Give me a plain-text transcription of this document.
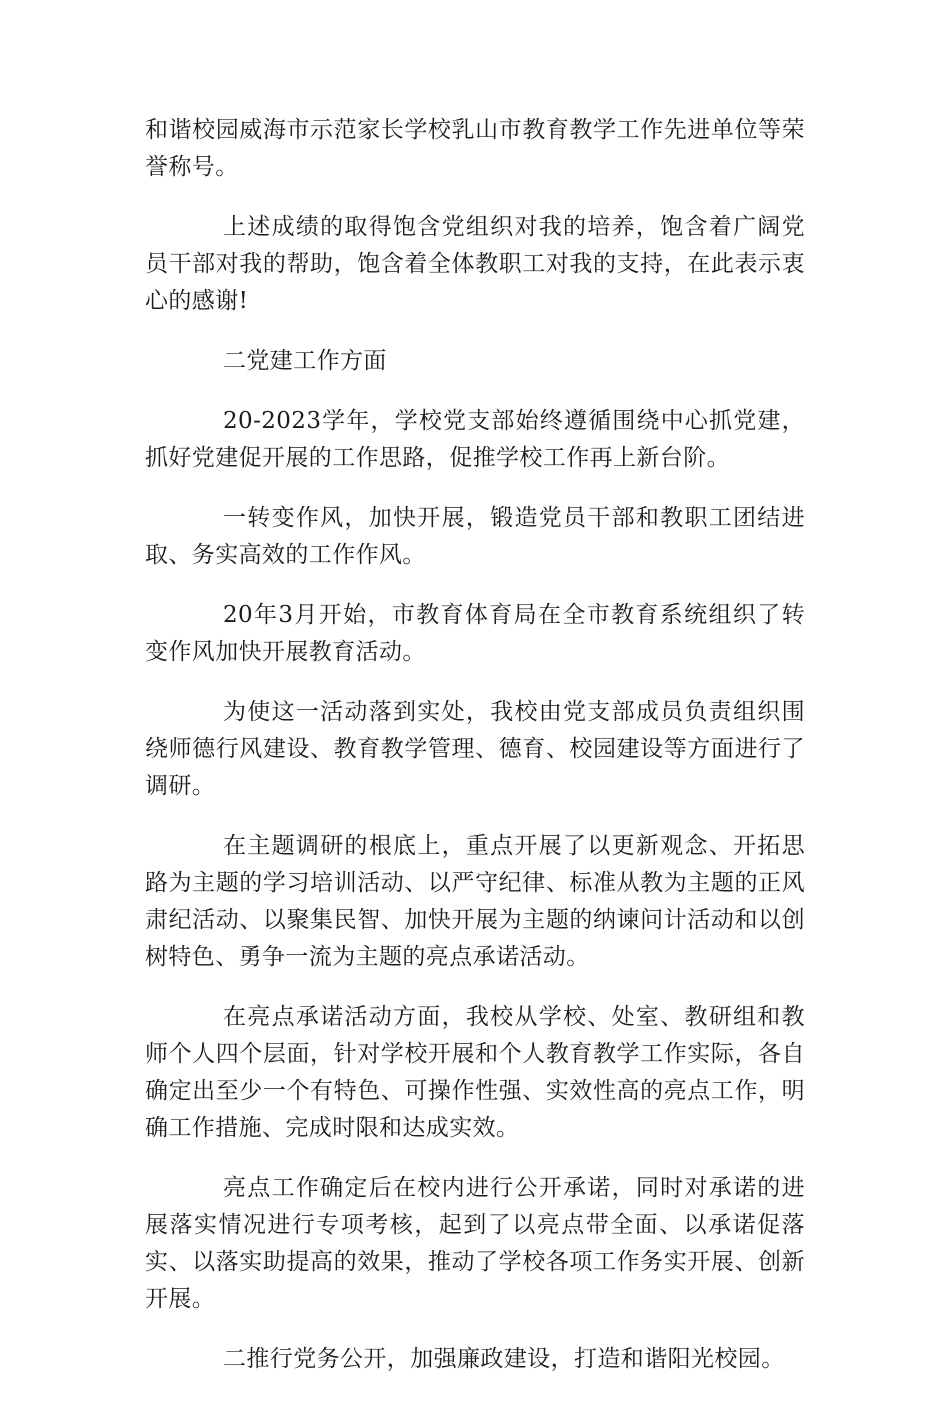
和谐校园威海市示范家长学校乳山市教育教学工作先进单位等荣誉称号。

上述成绩的取得饱含党组织对我的培养，饱含着广阔党员干部对我的帮助，饱含着全体教职工对我的支持，在此表示衷心的感谢!

二党建工作方面

20-2023学年，学校党支部始终遵循围绕中心抓党建，抓好党建促开展的工作思路，促推学校工作再上新台阶。

一转变作风，加快开展，锻造党员干部和教职工团结进取、务实高效的工作作风。

20年3月开始，市教育体育局在全市教育系统组织了转变作风加快开展教育活动。

为使这一活动落到实处，我校由党支部成员负责组织围绕师德行风建设、教育教学管理、德育、校园建设等方面进行了调研。

在主题调研的根底上，重点开展了以更新观念、开拓思路为主题的学习培训活动、以严守纪律、标准从教为主题的正风肃纪活动、以聚集民智、加快开展为主题的纳谏问计活动和以创树特色、勇争一流为主题的亮点承诺活动。

在亮点承诺活动方面，我校从学校、处室、教研组和教师个人四个层面，针对学校开展和个人教育教学工作实际，各自确定出至少一个有特色、可操作性强、实效性高的亮点工作，明确工作措施、完成时限和达成实效。

亮点工作确定后在校内进行公开承诺，同时对承诺的进展落实情况进行专项考核，起到了以亮点带全面、以承诺促落实、以落实助提高的效果，推动了学校各项工作务实开展、创新开展。

二推行党务公开，加强廉政建设，打造和谐阳光校园。
